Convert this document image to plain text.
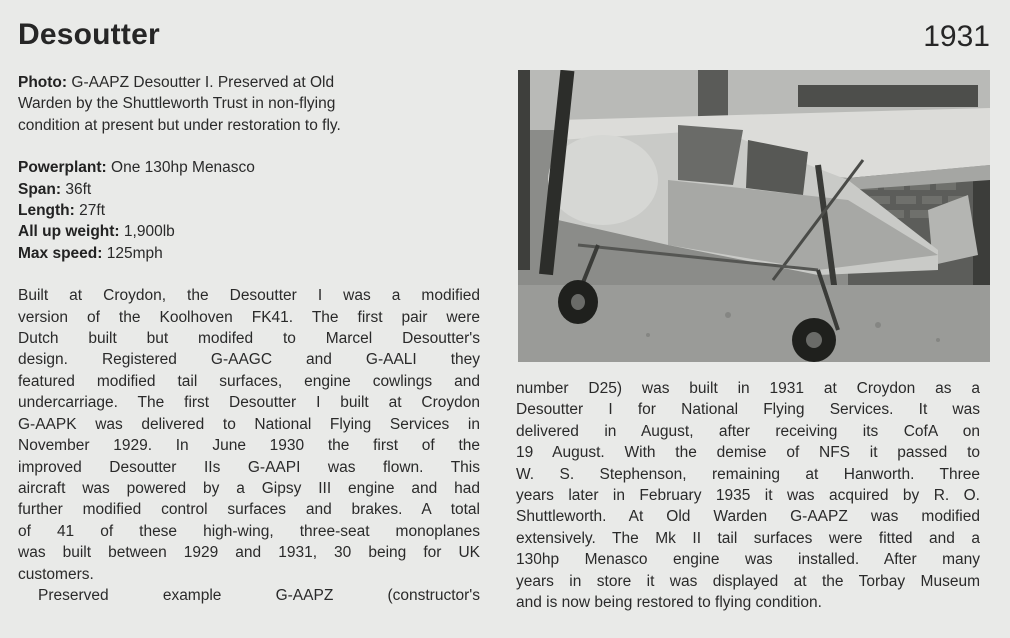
Desoutter	1931

Photo: G-AAPZ Desoutter I. Preserved at Old
Warden by the Shuttleworth Trust in non-flying
condition at present but under restoration to fly.

Powerplant: One 130hp Menasco
Span: 36ft
Length: 27ft
All up weight: 1,900lb
Max speed: 125mph

Built at Croydon, the Desoutter I was a modified
version of the Koolhoven FK41. The first pair were
Dutch built but modifed to Marcel Desoutter's
design. Registered G-AAGC and G-AALI they
featured modified tail surfaces, engine cowlings and
undercarriage. The first Desoutter I built at Croydon
G-AAPK was delivered to National Flying Services in
November 1929. In June 1930 the first of the
improved Desoutter IIs G-AAPI was flown. This
aircraft was powered by a Gipsy III engine and had
further modified control surfaces and brakes. A total
of 41 of these high-wing, three-seat monoplanes
was built between 1929 and 1931, 30 being for UK
customers.
Preserved example G-AAPZ (constructor's
number D25) was built in 1931 at Croydon as a
Desoutter I for National Flying Services. It was
delivered in August, after receiving its CofA on
19 August. With the demise of NFS it passed to
W. S. Stephenson, remaining at Hanworth. Three
years later in February 1935 it was acquired by R. O.
Shuttleworth. At Old Warden G-AAPZ was modified
extensively. The Mk II tail surfaces were fitted and a
130hp Menasco engine was installed. After many
years in store it was displayed at the Torbay Museum
and is now being restored to flying condition.
